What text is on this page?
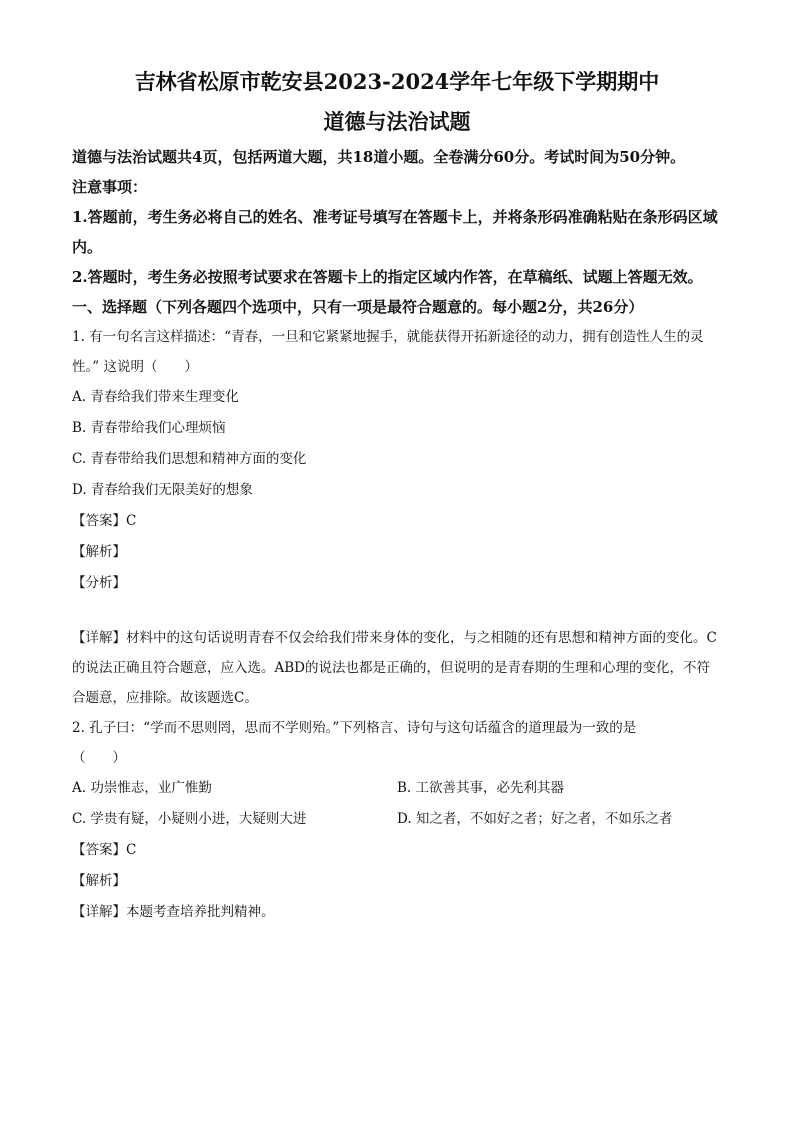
吉林省松原市乾安县2023-2024学年七年级下学期期中

道德与法治试题

道德与法治试题共4页，包括两道大题，共18道小题。全卷满分60分。考试时间为50分钟。

注意事项：

1.答题前，考生务必将自己的姓名、准考证号填写在答题卡上，并将条形码准确粘贴在条形码区域内。

2.答题时，考生务必按照考试要求在答题卡上的指定区域内作答，在草稿纸、试题上答题无效。

一、选择题（下列各题四个选项中，只有一项是最符合题意的。每小题2分，共26分）

1. 有一句名言这样描述：“青春，一旦和它紧紧地握手，就能获得开拓新途径的动力，拥有创造性人生的灵性。” 这说明（　　）

A. 青春给我们带来生理变化

B. 青春带给我们心理烦恼

C. 青春带给我们思想和精神方面的变化

D. 青春给我们无限美好的想象

【答案】C

【解析】

【分析】

【详解】材料中的这句话说明青春不仅会给我们带来身体的变化，与之相随的还有思想和精神方面的变化。C的说法正确且符合题意，应入选。ABD的说法也都是正确的，但说明的是青春期的生理和心理的变化，不符合题意，应排除。故该题选C。

2. 孔子曰：“学而不思则罔，思而不学则殆。”下列格言、诗句与这句话蕴含的道理最为一致的是

（　　）

A. 功崇惟志，业广惟勤	B. 工欲善其事，必先利其器
C. 学贵有疑，小疑则小进，大疑则大进	D. 知之者，不如好之者；好之者，不如乐之者

【答案】C

【解析】

【详解】本题考查培养批判精神。
